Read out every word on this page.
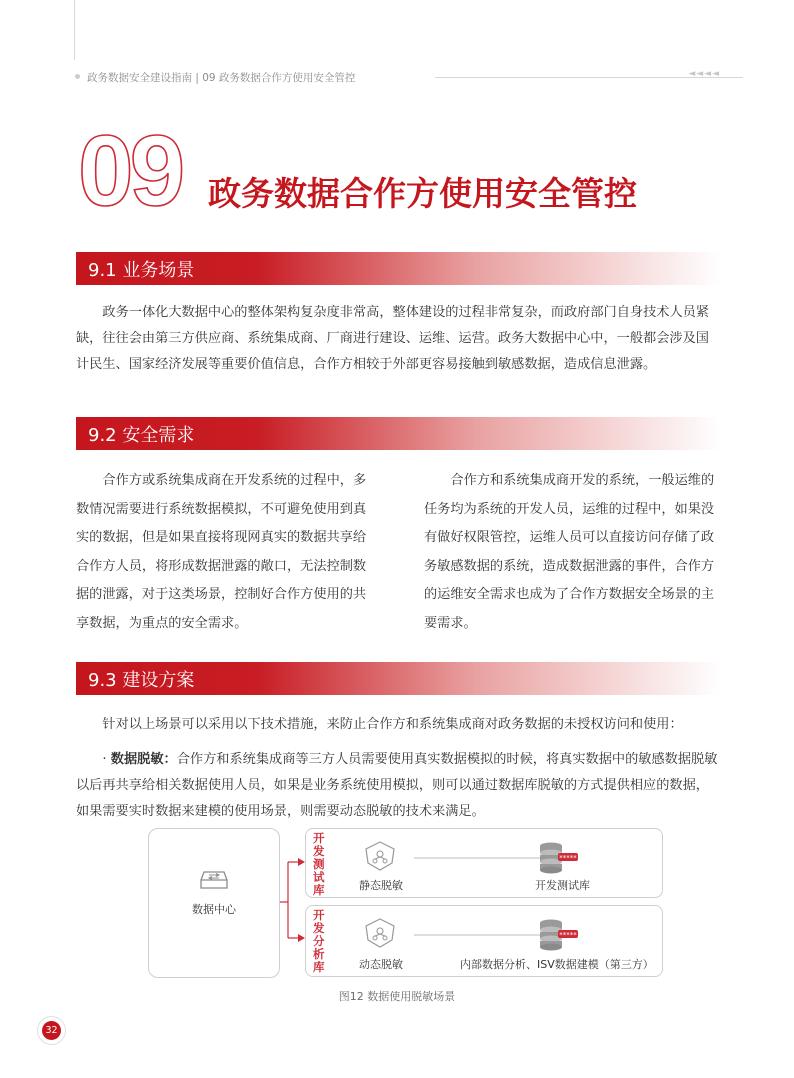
政务数据安全建设指南 | 09 政务数据合作方使用安全管控	◄◄◄◄
09 政务数据合作方使用安全管控
9.1 业务场景

政务一体化大数据中心的整体架构复杂度非常高，整体建设的过程非常复杂，而政府部门自身技术人员紧缺，往往会由第三方供应商、系统集成商、厂商进行建设、运维、运营。政务大数据中心中，一般都会涉及国计民生、国家经济发展等重要价值信息，合作方相较于外部更容易接触到敏感数据，造成信息泄露。

9.2 安全需求

合作方或系统集成商在开发系统的过程中，多数情况需要进行系统数据模拟，不可避免使用到真实的数据，但是如果直接将现网真实的数据共享给合作方人员，将形成数据泄露的敞口，无法控制数据的泄露，对于这类场景，控制好合作方使用的共享数据，为重点的安全需求。

合作方和系统集成商开发的系统，一般运维的任务均为系统的开发人员，运维的过程中，如果没有做好权限管控，运维人员可以直接访问存储了政务敏感数据的系统，造成数据泄露的事件，合作方的运维安全需求也成为了合作方数据安全场景的主要需求。

9.3 建设方案

针对以上场景可以采用以下技术措施，来防止合作方和系统集成商对政务数据的未授权访问和使用：

· 数据脱敏：合作方和系统集成商等三方人员需要使用真实数据模拟的时候，将真实数据中的敏感数据脱敏以后再共享给相关数据使用人员，如果是业务系统使用模拟，则可以通过数据库脱敏的方式提供相应的数据，如果需要实时数据来建模的使用场景，则需要动态脱敏的技术来满足。

数据中心
开发测试库	静态脱敏
*****
开发测试库
开发分析库	动态脱敏
*****
内部数据分析、ISV数据建模（第三方）
图12 数据使用脱敏场景
32
